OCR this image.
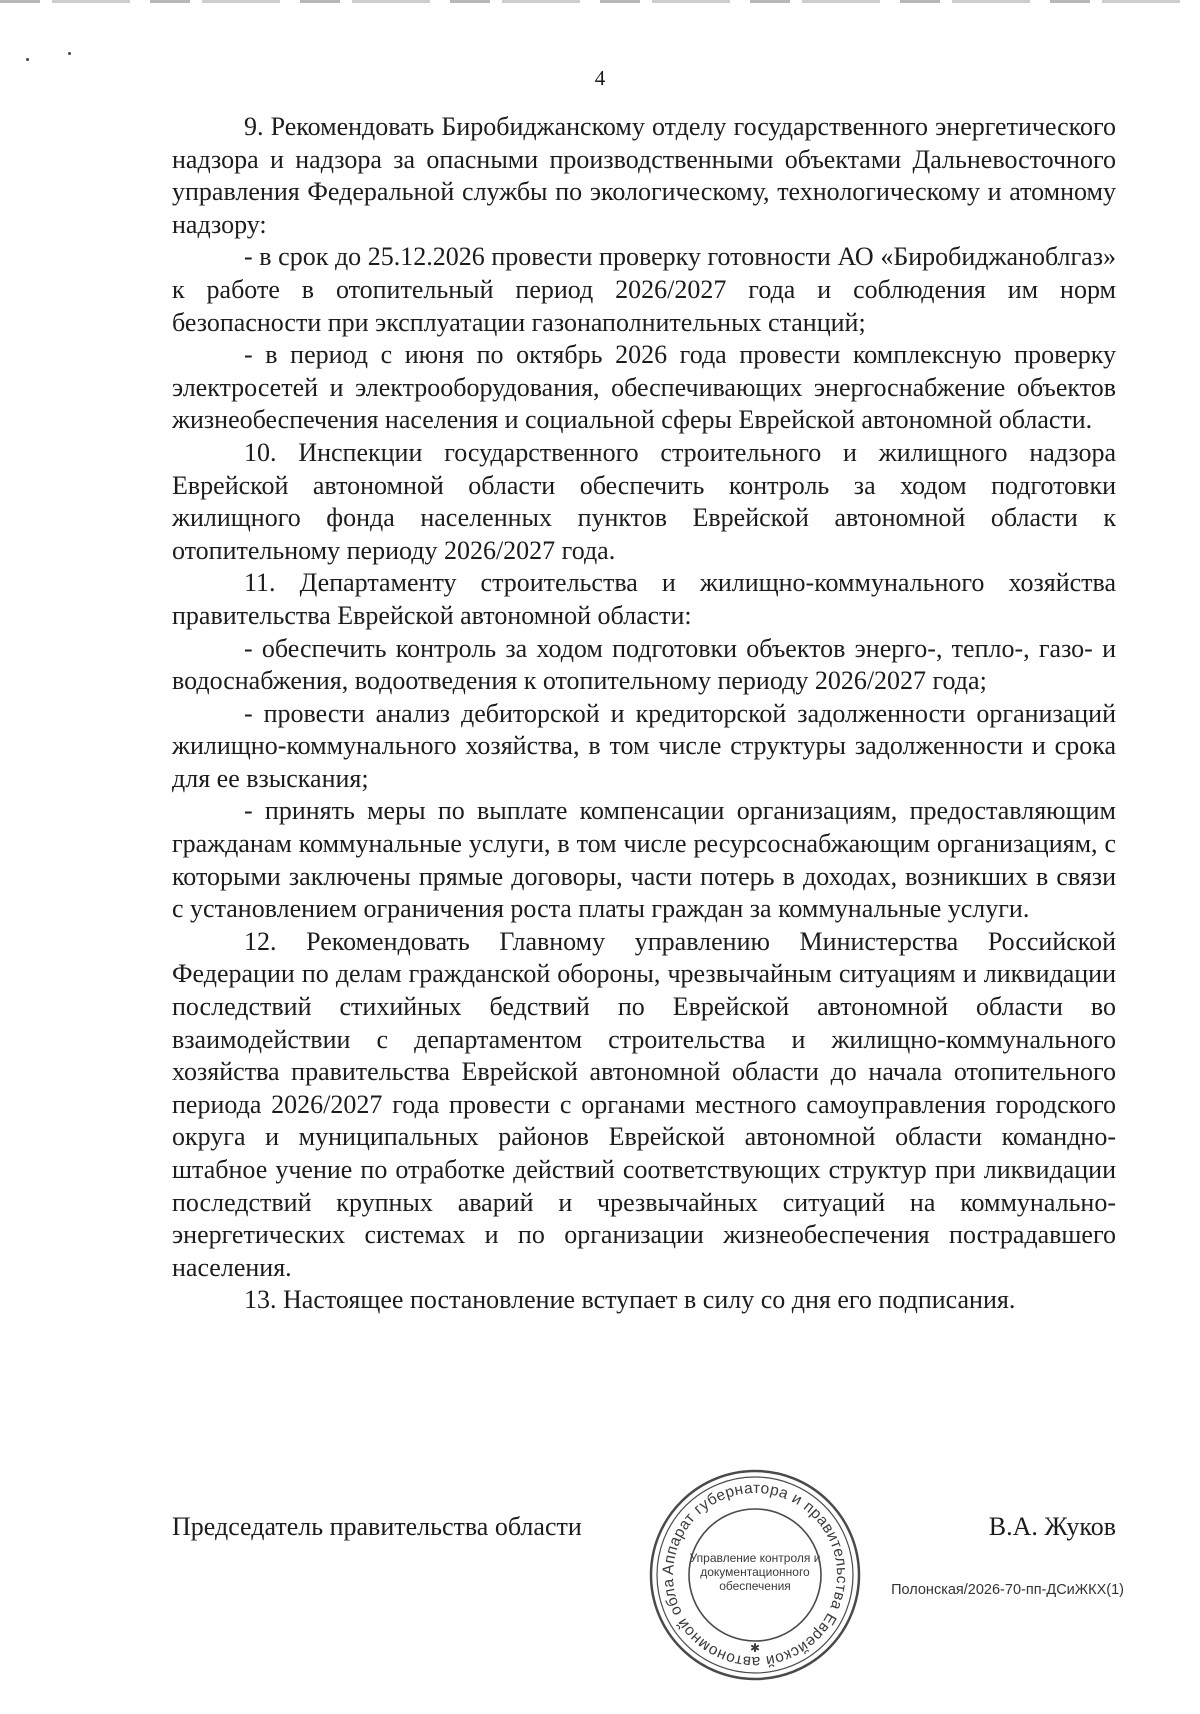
4

9. Рекомендовать Биробиджанскому отделу государственного энергетического надзора и надзора за опасными производственными объектами Дальневосточного управления Федеральной службы по экологическому, технологическому и атомному надзору:

- в срок до 25.12.2026 провести проверку готовности АО «Биробиджаноблгаз» к работе в отопительный период 2026/2027 года и соблюдения им норм безопасности при эксплуатации газонаполнительных станций;

- в период с июня по октябрь 2026 года провести комплексную проверку электросетей и электрооборудования, обеспечивающих энергоснабжение объектов жизнеобеспечения населения и социальной сферы Еврейской автономной области.

10. Инспекции государственного строительного и жилищного надзора Еврейской автономной области обеспечить контроль за ходом подготовки жилищного фонда населенных пунктов Еврейской автономной области к отопительному периоду 2026/2027 года.

11. Департаменту строительства и жилищно-коммунального хозяйства правительства Еврейской автономной области:

- обеспечить контроль за ходом подготовки объектов энерго-, тепло-, газо- и водоснабжения, водоотведения к отопительному периоду 2026/2027 года;

- провести анализ дебиторской и кредиторской задолженности организаций жилищно-коммунального хозяйства, в том числе структуры задолженности и срока для ее взыскания;

- принять меры по выплате компенсации организациям, предоставляющим гражданам коммунальные услуги, в том числе ресурсоснабжающим организациям, с которыми заключены прямые договоры, части потерь в доходах, возникших в связи с установлением ограничения роста платы граждан за коммунальные услуги.

12. Рекомендовать Главному управлению Министерства Российской Федерации по делам гражданской обороны, чрезвычайным ситуациям и ликвидации последствий стихийных бедствий по Еврейской автономной области во взаимодействии с департаментом строительства и жилищно-коммунального хозяйства правительства Еврейской автономной области до начала отопительного периода 2026/2027 года провести с органами местного самоуправления городского округа и муниципальных районов Еврейской автономной области командно-штабное учение по отработке действий соответствующих структур при ликвидации последствий крупных аварий и чрезвычайных ситуаций на коммунально-энергетических системах и по организации жизнеобеспечения пострадавшего населения.

13. Настоящее постановление вступает в силу со дня его подписания.

Председатель правительства области	В.А. Жуков
Аппарат губернатора и правительства Еврейской автономной обла
✱
Управление контроля и документационного обеспечения	Полонская/2026-70-пп-ДСиЖКХ(1)
